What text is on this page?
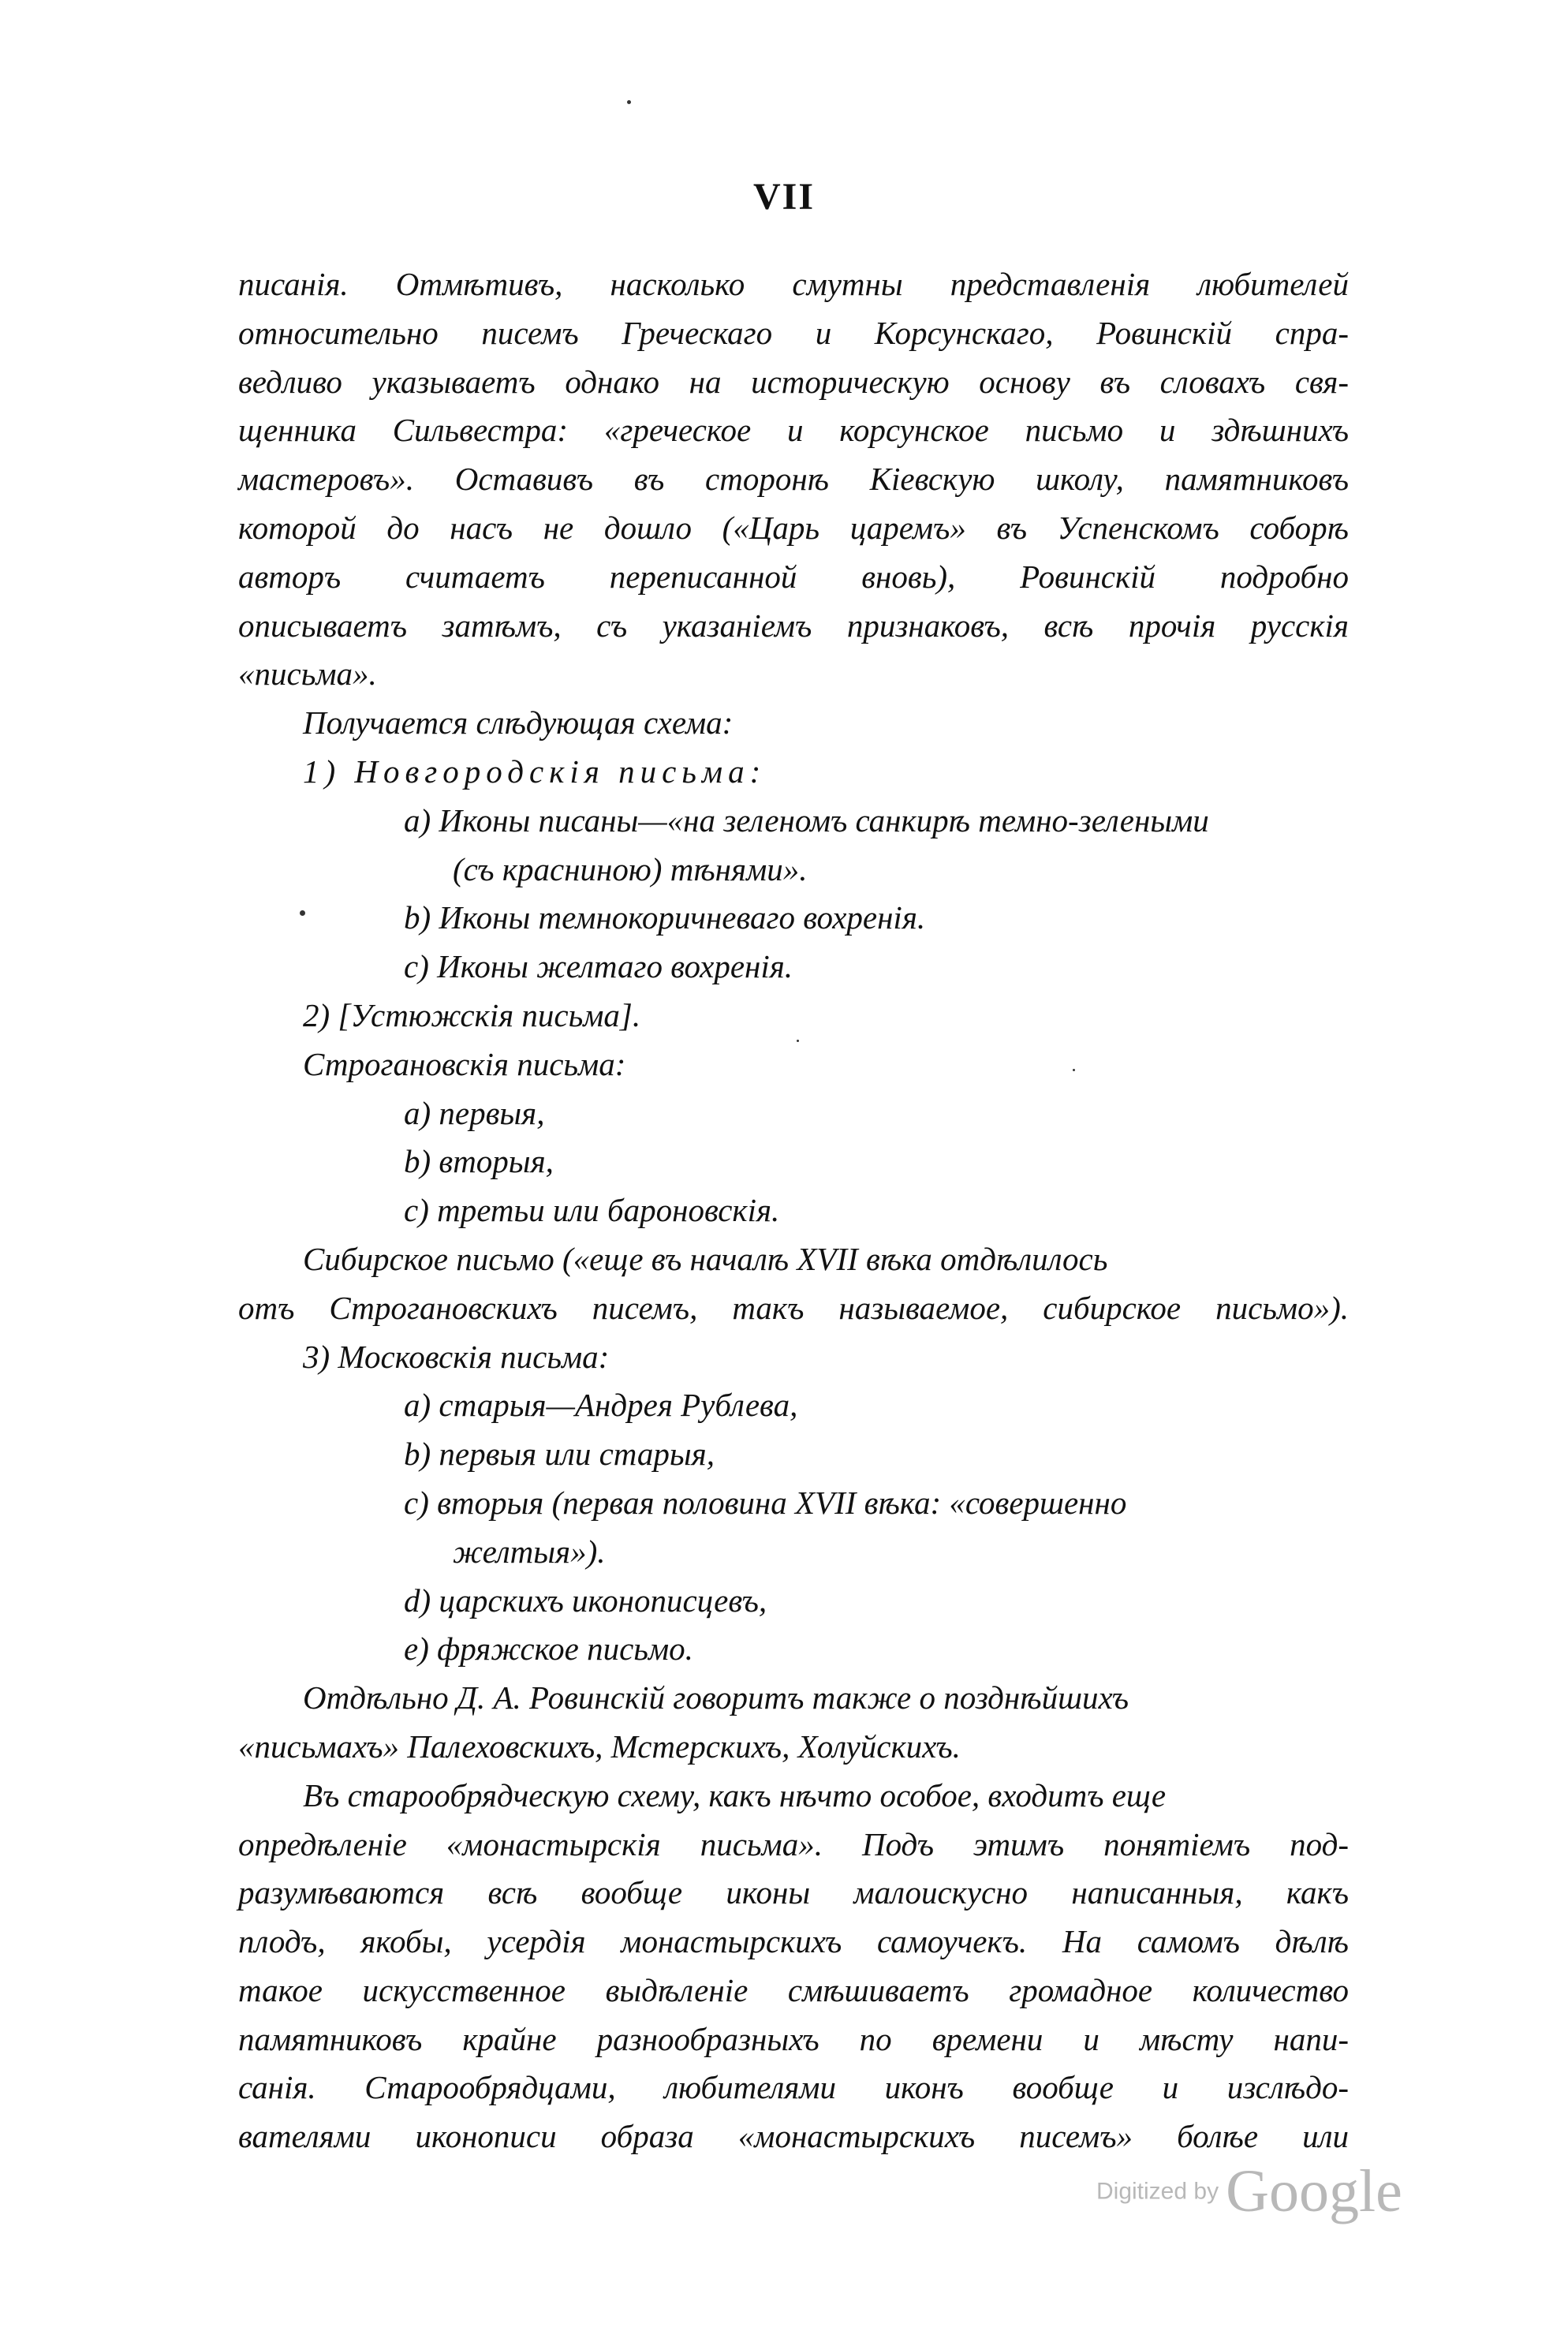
VII
писанія. Отмѣтивъ, насколько смутны представленія любителей
относительно писемъ Греческаго и Корсунскаго, Ровинскій спра-
ведливо указываетъ однако на историческую основу въ словахъ свя-
щенника Сильвестра: «греческое и корсунское письмо и здѣшнихъ
мастеровъ». Оставивъ въ сторонѣ Кіевскую школу, памятниковъ
которой до насъ не дошло («Царь царемъ» въ Успенскомъ соборѣ
авторъ считаетъ переписанной вновь), Ровинскій подробно
описываетъ затѣмъ, съ указаніемъ признаковъ, всѣ прочія русскія
«письма».
Получается слѣдующая схема:
1) Новгородскія письма:
a) Иконы писаны—«на зеленомъ санкирѣ темно-зелеными
(съ красниною) тѣнями».
b) Иконы темнокоричневаго вохренія.
c) Иконы желтаго вохренія.
2) [Устюжскія письма].
Строгановскія письма:
a) первыя,
b) вторыя,
c) третьи или бароновскія.
Сибирское письмо («еще въ началѣ XVII вѣка отдѣлилось
отъ Строгановскихъ писемъ, такъ называемое, сибирское письмо»).
3) Московскія письма:
a) старыя—Андрея Рублева,
b) первыя или старыя,
c) вторыя (первая половина XVII вѣка: «совершенно
желтыя»).
d) царскихъ иконописцевъ,
e) фряжское письмо.
Отдѣльно Д. А. Ровинскій говоритъ также о позднѣйшихъ
«письмахъ» Палеховскихъ, Мстерскихъ, Холуйскихъ.
Въ старообрядческую схему, какъ нѣчто особое, входитъ еще
опредѣленіе «монастырскія письма». Подъ этимъ понятіемъ под-
разумѣваются всѣ вообще иконы малоискусно написанныя, какъ
плодъ, якобы, усердія монастырскихъ самоучекъ. На самомъ дѣлѣ
такое искусственное выдѣленіе смѣшиваетъ громадное количество
памятниковъ крайне разнообразныхъ по времени и мѣсту напи-
санія. Старообрядцами, любителями иконъ вообще и изслѣдо-
вателями иконописи образа «монастырскихъ писемъ» болѣе или
Digitized by Google
